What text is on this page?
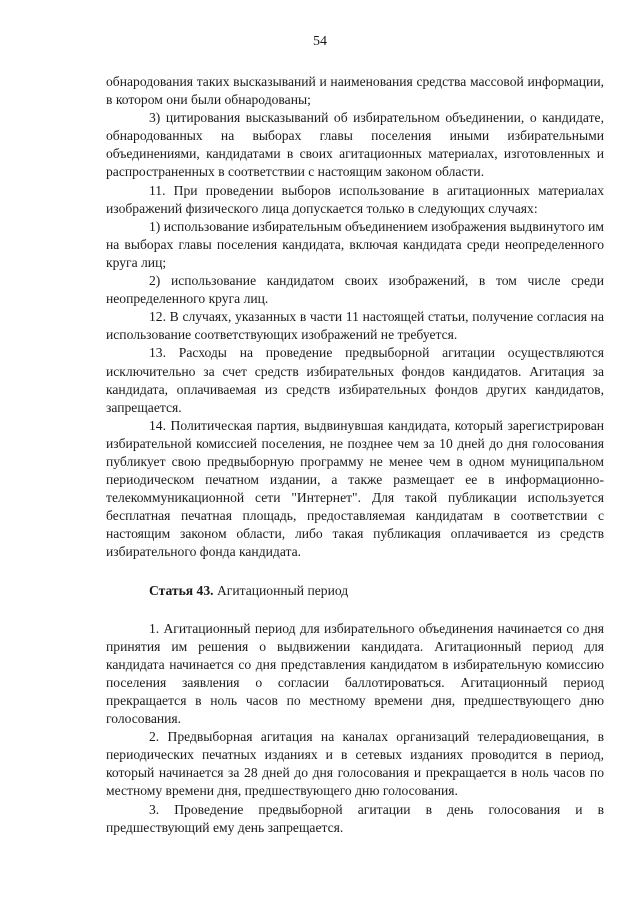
54

обнародования таких высказываний и наименования средства массовой информации, в котором они были обнародованы;

3) цитирования высказываний об избирательном объединении, о кандидате, обнародованных на выборах главы поселения иными избирательными объединениями, кандидатами в своих агитационных материалах, изготовленных и распространенных в соответствии с настоящим законом области.

11. При проведении выборов использование в агитационных материалах изображений физического лица допускается только в следующих случаях:

1) использование избирательным объединением изображения выдвинутого им на выборах главы поселения кандидата, включая кандидата среди неопределенного круга лиц;

2) использование кандидатом своих изображений, в том числе среди неопределенного круга лиц.

12. В случаях, указанных в части 11 настоящей статьи, получение согласия на использование соответствующих изображений не требуется.

13. Расходы на проведение предвыборной агитации осуществляются исключительно за счет средств избирательных фондов кандидатов. Агитация за кандидата, оплачиваемая из средств избирательных фондов других кандидатов, запрещается.

14. Политическая партия, выдвинувшая кандидата, который зарегистрирован избирательной комиссией поселения, не позднее чем за 10 дней до дня голосования публикует свою предвыборную программу не менее чем в одном муниципальном периодическом печатном издании, а также размещает ее в информационно-телекоммуникационной сети "Интернет". Для такой публикации используется бесплатная печатная площадь, предоставляемая кандидатам в соответствии с настоящим законом области, либо такая публикация оплачивается из средств избирательного фонда кандидата.

Статья 43. Агитационный период

1. Агитационный период для избирательного объединения начинается со дня принятия им решения о выдвижении кандидата. Агитационный период для кандидата начинается со дня представления кандидатом в избирательную комиссию поселения заявления о согласии баллотироваться. Агитационный период прекращается в ноль часов по местному времени дня, предшествующего дню голосования.

2. Предвыборная агитация на каналах организаций телерадиовещания, в периодических печатных изданиях и в сетевых изданиях проводится в период, который начинается за 28 дней до дня голосования и прекращается в ноль часов по местному времени дня, предшествующего дню голосования.

3. Проведение предвыборной агитации в день голосования и в предшествующий ему день запрещается.
